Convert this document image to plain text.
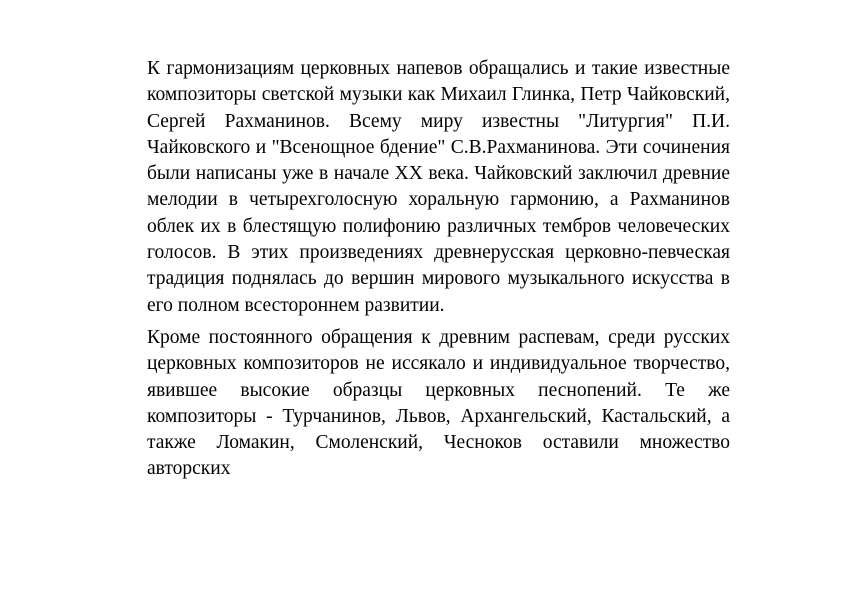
К гармонизациям церковных напевов обращались и такие известные композиторы светской музыки как Михаил Глинка, Петр Чайковский, Сергей Рахманинов. Всему миру известны "Литургия" П.И. Чайковского и "Всенощное бдение" С.В.Рахманинова. Эти сочинения были написаны уже в начале XX века. Чайковский заключил древние мелодии в четырехголосную хоральную гармонию, а Рахманинов облек их в блестящую полифонию различных тембров человеческих голосов. В этих произведениях древнерусская церковно-певческая традиция поднялась до вершин мирового музыкального искусства в его полном всестороннем развитии.

Кроме постоянного обращения к древним распевам, среди русских церковных композиторов не иссякало и индивидуальное творчество, явившее высокие образцы церковных песнопений. Те же композиторы - Турчанинов, Львов, Архангельский, Кастальский, а также Ломакин, Смоленский, Чесноков оставили множество авторских
